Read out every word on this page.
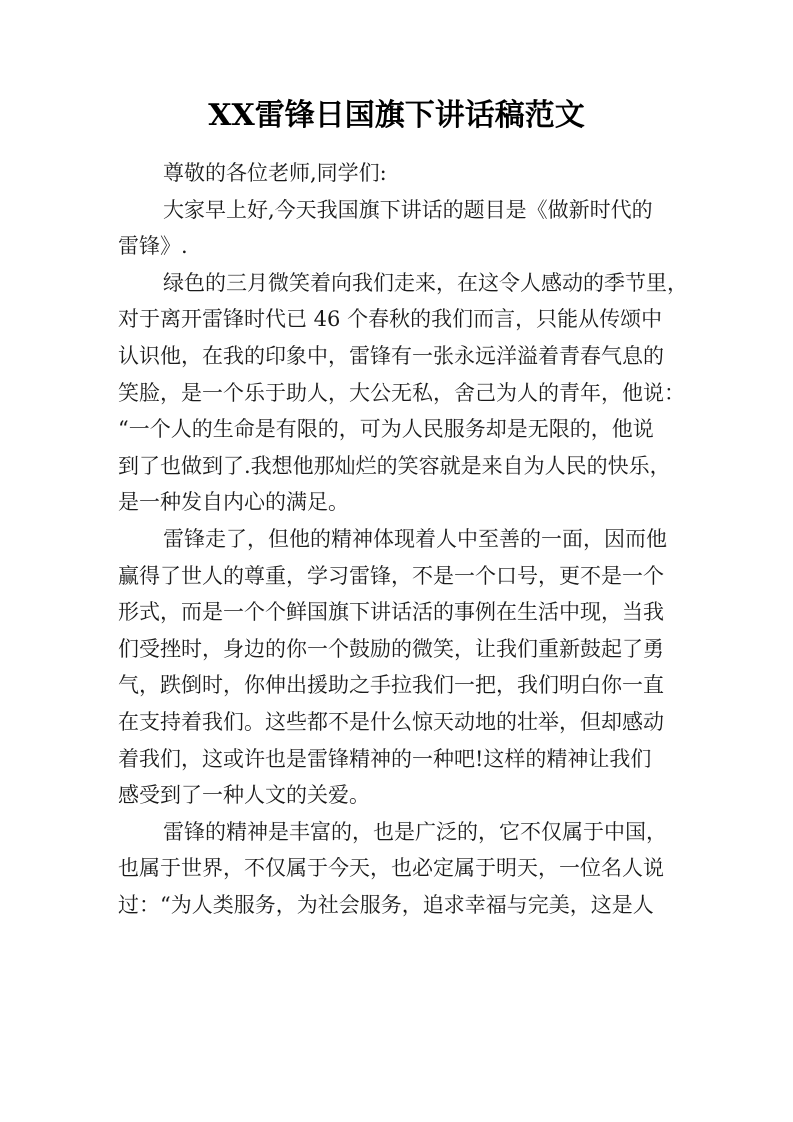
XX雷锋日国旗下讲话稿范文
尊敬的各位老师,同学们:
大家早上好,今天我国旗下讲话的题目是《做新时代的
雷锋》.
绿色的三月微笑着向我们走来，在这令人感动的季节里，
对于离开雷锋时代已 46 个春秋的我们而言，只能从传颂中
认识他，在我的印象中，雷锋有一张永远洋溢着青春气息的
笑脸，是一个乐于助人，大公无私，舍己为人的青年，他说：
“一个人的生命是有限的，可为人民服务却是无限的，他说
到了也做到了.我想他那灿烂的笑容就是来自为人民的快乐，
是一种发自内心的满足。
雷锋走了，但他的精神体现着人中至善的一面，因而他
赢得了世人的尊重，学习雷锋，不是一个口号，更不是一个
形式，而是一个个鲜国旗下讲话活的事例在生活中现，当我
们受挫时，身边的你一个鼓励的微笑，让我们重新鼓起了勇
气，跌倒时，你伸出援助之手拉我们一把，我们明白你一直
在支持着我们。这些都不是什么惊天动地的壮举，但却感动
着我们，这或许也是雷锋精神的一种吧!这样的精神让我们
感受到了一种人文的关爱。
雷锋的精神是丰富的，也是广泛的，它不仅属于中国，
也属于世界，不仅属于今天，也必定属于明天，一位名人说
过：“为人类服务，为社会服务，追求幸福与完美，这是人
